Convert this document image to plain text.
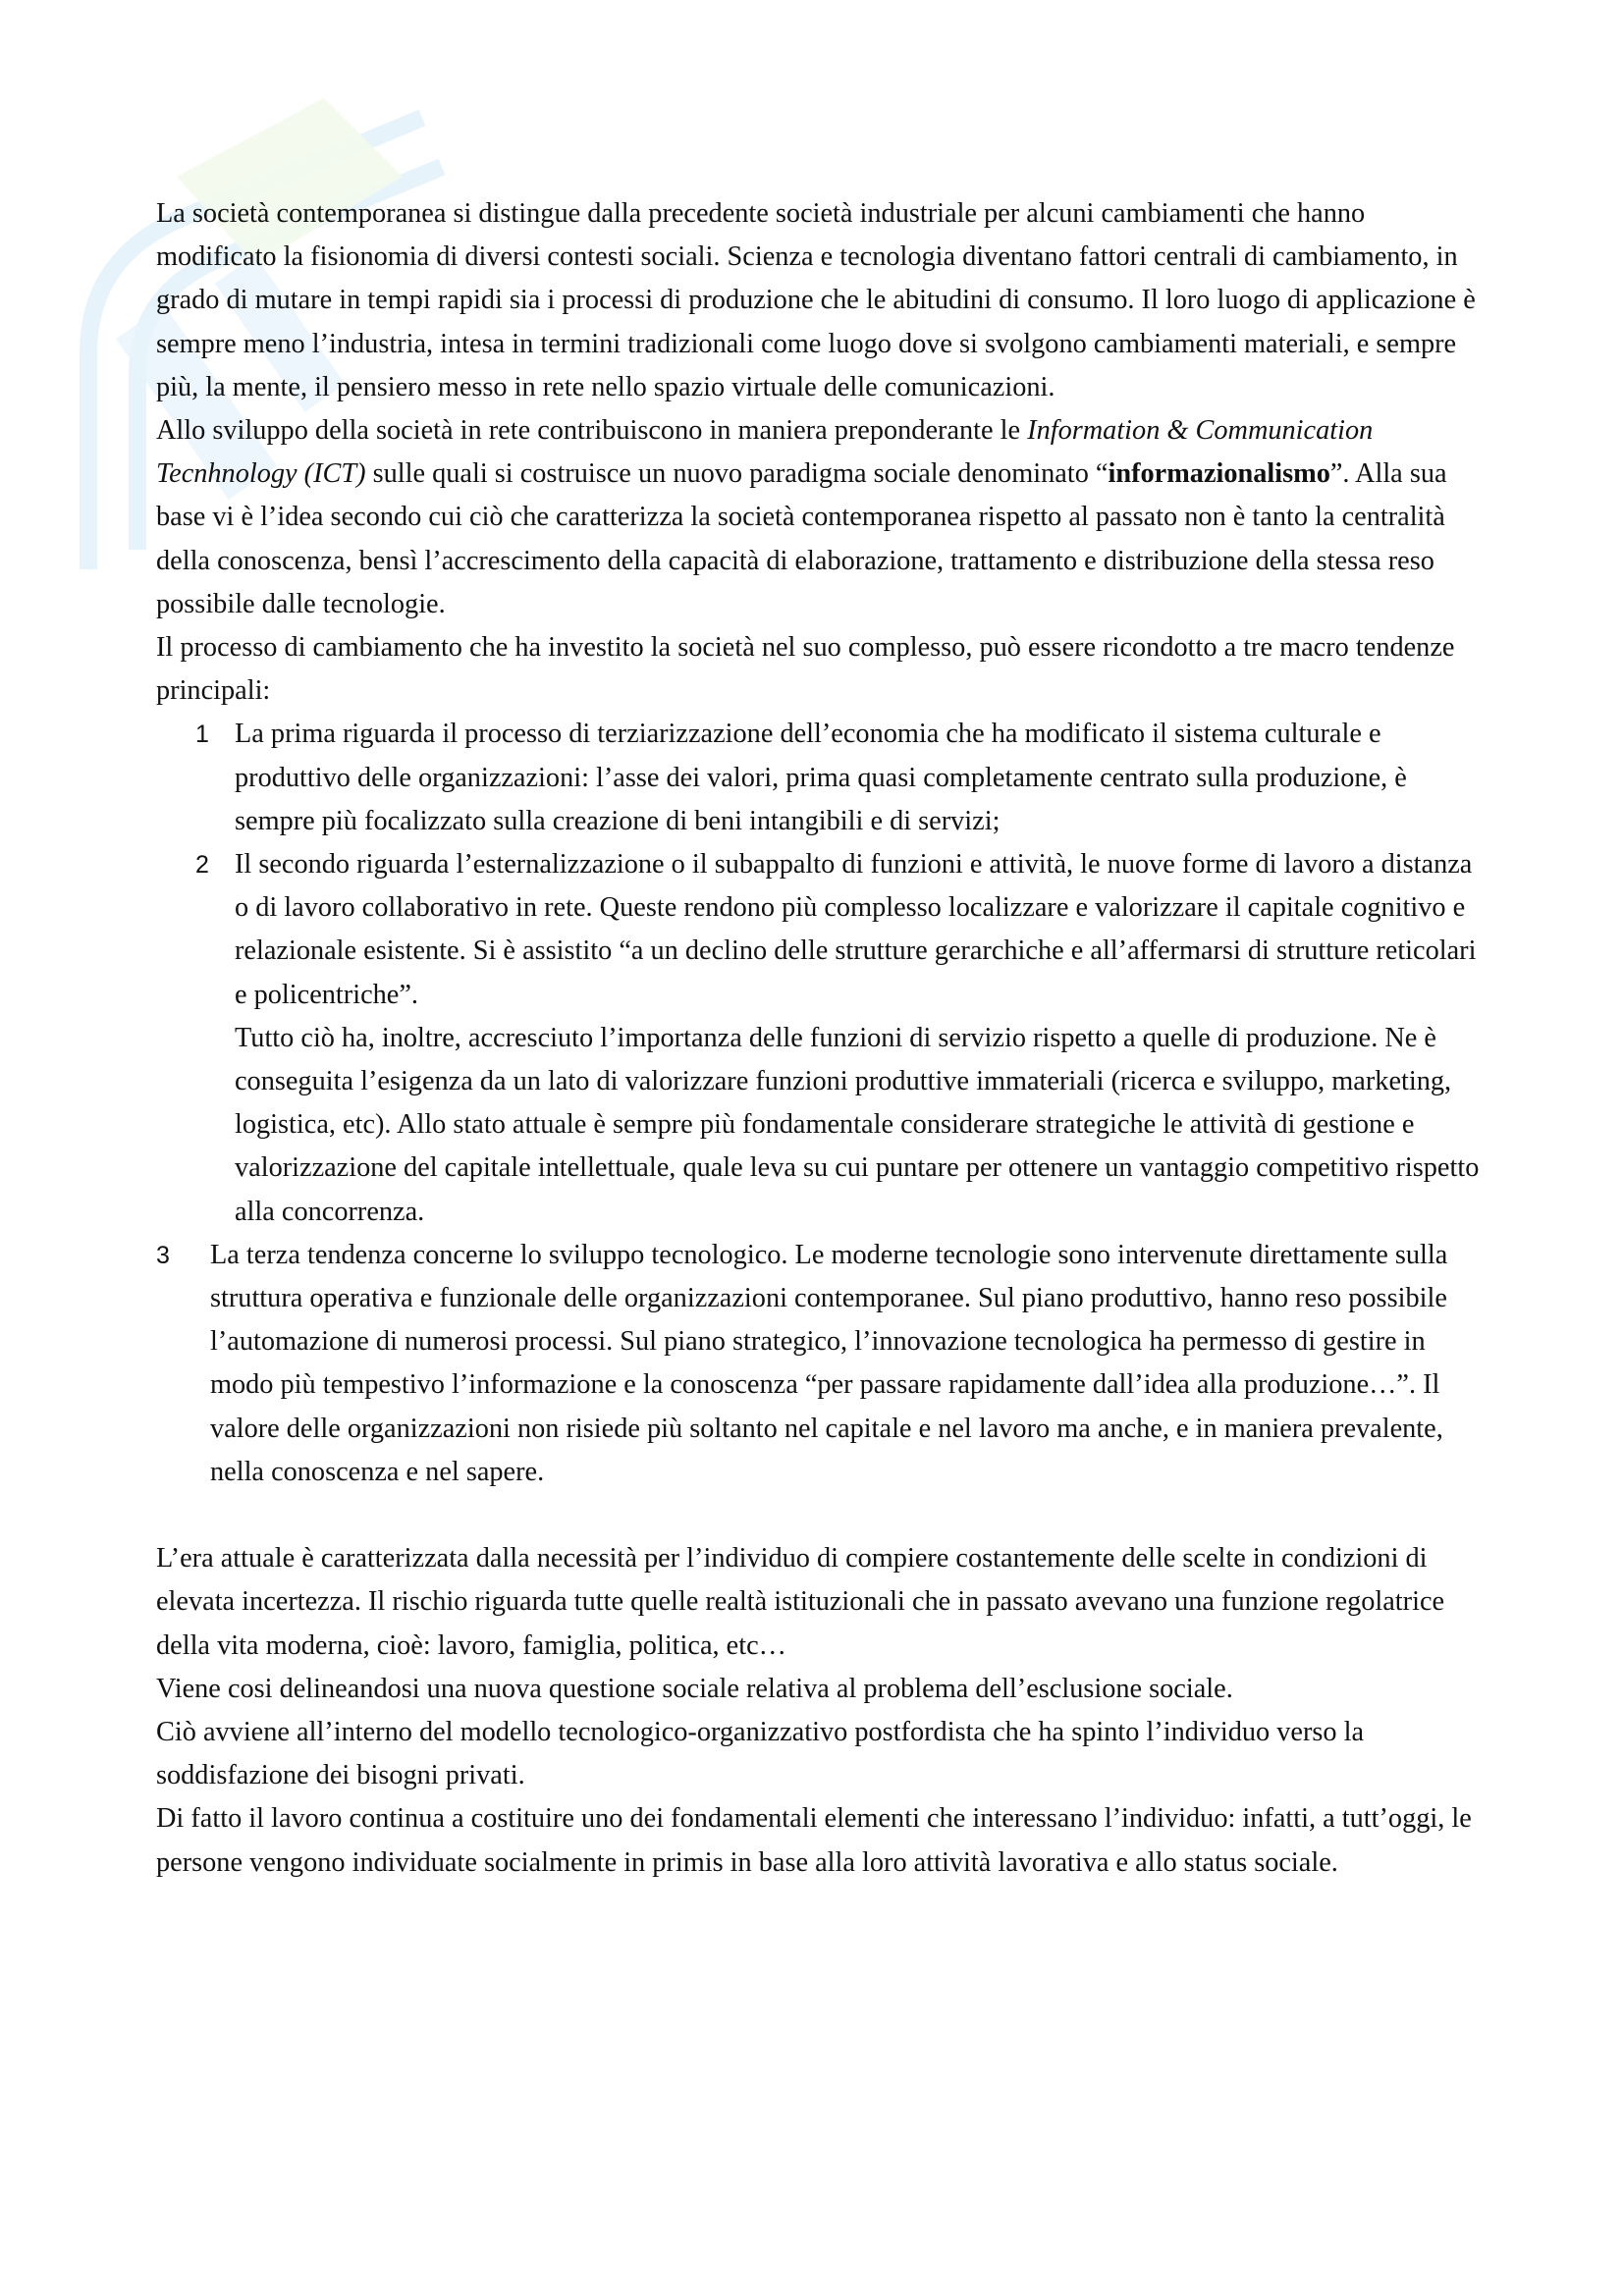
La società contemporanea si distingue dalla precedente società industriale per alcuni cambiamenti che hanno modificato la fisionomia di diversi contesti sociali. Scienza e tecnologia diventano fattori centrali di cambiamento, in grado di mutare in tempi rapidi sia i processi di produzione che le abitudini di consumo. Il loro luogo di applicazione è sempre meno l’industria, intesa in termini tradizionali come luogo dove si svolgono cambiamenti materiali, e sempre più, la mente, il pensiero messo in rete nello spazio virtuale delle comunicazioni.

Allo sviluppo della società in rete contribuiscono in maniera preponderante le Information & Communication Tecnhnology (ICT) sulle quali si costruisce un nuovo paradigma sociale denominato “informazionalismo”. Alla sua base vi è l’idea secondo cui ciò che caratterizza la società contemporanea rispetto al passato non è tanto la centralità della conoscenza, bensì l’accrescimento della capacità di elaborazione, trattamento e distribuzione della stessa reso possibile dalle tecnologie.

Il processo di cambiamento che ha investito la società nel suo complesso, può essere ricondotto a tre macro tendenze principali:

1 La prima riguarda il processo di terziarizzazione dell’economia che ha modificato il sistema culturale e produttivo delle organizzazioni: l’asse dei valori, prima quasi completamente centrato sulla produzione, è sempre più focalizzato sulla creazione di beni intangibili e di servizi;

2 Il secondo riguarda l’esternalizzazione o il subappalto di funzioni e attività, le nuove forme di lavoro a distanza o di lavoro collaborativo in rete. Queste rendono più complesso localizzare e valorizzare il capitale cognitivo e relazionale esistente. Si è assistito “a un declino delle strutture gerarchiche e all’affermarsi di strutture reticolari e policentriche”.

Tutto ciò ha, inoltre, accresciuto l’importanza delle funzioni di servizio rispetto a quelle di produzione. Ne è conseguita l’esigenza da un lato di valorizzare funzioni produttive immateriali (ricerca e sviluppo, marketing, logistica, etc). Allo stato attuale è sempre più fondamentale considerare strategiche le attività di gestione e valorizzazione del capitale intellettuale, quale leva su cui puntare per ottenere un vantaggio competitivo rispetto alla concorrenza.

3 La terza tendenza concerne lo sviluppo tecnologico. Le moderne tecnologie sono intervenute direttamente sulla struttura operativa e funzionale delle organizzazioni contemporanee. Sul piano produttivo, hanno reso possibile l’automazione di numerosi processi. Sul piano strategico, l’innovazione tecnologica ha permesso di gestire in modo più tempestivo l’informazione e la conoscenza “per passare rapidamente dall’idea alla produzione…”. Il valore delle organizzazioni non risiede più soltanto nel capitale e nel lavoro ma anche, e in maniera prevalente, nella conoscenza e nel sapere.

L’era attuale è caratterizzata dalla necessità per l’individuo di compiere costantemente delle scelte in condizioni di elevata incertezza. Il rischio riguarda tutte quelle realtà istituzionali che in passato avevano una funzione regolatrice della vita moderna, cioè: lavoro, famiglia, politica, etc…

Viene cosi delineandosi una nuova questione sociale relativa al problema dell’esclusione sociale.

Ciò avviene all’interno del modello tecnologico-organizzativo postfordista che ha spinto l’individuo verso la soddisfazione dei bisogni privati.

Di fatto il lavoro continua a costituire uno dei fondamentali elementi che interessano l’individuo: infatti, a tutt’oggi, le persone vengono individuate socialmente in primis in base alla loro attività lavorativa e allo status sociale.
